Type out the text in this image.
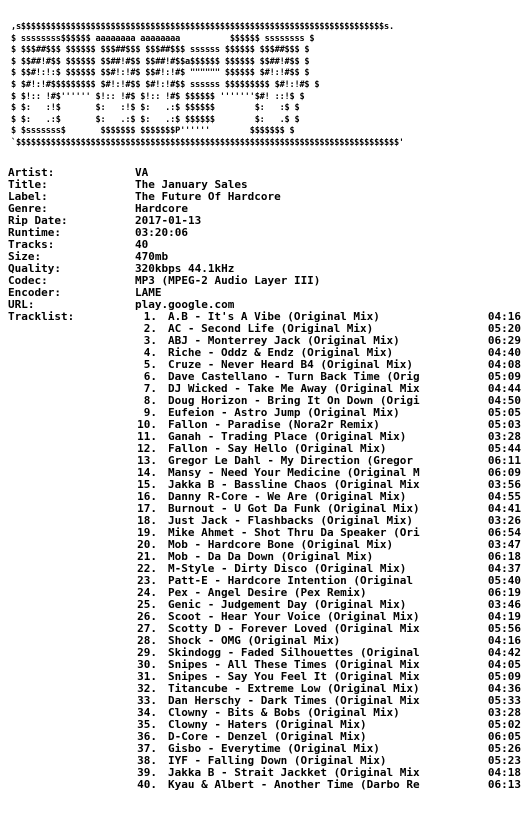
,s$$$$$$$$$$$$$$$$$$$$$$$$$$$$$$$$$$$$$$$$$$$$$$$$$$$$$$$$$$$$$$$$$$$$$$$$$s.
$ ssssssss$$$$$$ aaaaaaaa aaaaaaaa          $$$$$$ ssssssss $
$ $$$##$$$ $$$$$$ $$$##$$$ $$$##$$$ ssssss $$$$$$ $$$##$$$ $
$ $$##!#$$ $$$$$$ $$##!#$$ $$##!#$$a$$$$$$ $$$$$$ $$##!#$$ $
$ $$#!:!:$ $$$$$$ $$#!:!#$ $$#!:!#$ """""" $$$$$$ $#!:!#$$ $
$ $#!:!#$$$$$$$$$ $#!:!#$$ $#!:!#$$ ssssss $$$$$$$$$ $#!:!#$ $
$ $!:: !#$'''''' $!:: !#$ $!:: !#$ $$$$$$ '''''''$#! ::!$ $
$ $:   :!$       $:   :!$ $:   .:$ $$$$$$        $:   :$ $
$ $:   .:$       $:   .:$ $:   .:$ $$$$$$        $:   .$ $
$ $sssssss$       $$$$$$$ $$$$$$$P''''''        $$$$$$$ $
`$$$$$$$$$$$$$$$$$$$$$$$$$$$$$$$$$$$$$$$$$$$$$$$$$$$$$$$$$$$$$$$$$$$$$$$$$$$$$'
Artist:	VA
Title:	The January Sales
Label:	The Future Of Hardcore
Genre:	Hardcore
Rip Date:	2017-01-13
Runtime:	03:20:06
Tracks:	40
Size:	470mb
Quality:	320kbps 44.1kHz
Codec:	MP3 (MPEG-2 Audio Layer III)
Encoder:	LAME
URL:	play.google.com
Tracklist:	1. A.B - It's A Vibe (Original Mix)	04:16
2. AC - Second Life (Original Mix)	05:20
3. ABJ - Monterrey Jack (Original Mix)	06:29
4. Riche - Oddz & Endz (Original Mix)	04:40
5. Cruze - Never Heard B4 (Original Mix)	04:08
6. Dave Castellano - Turn Back Time (Orig	05:09
7. DJ Wicked - Take Me Away (Original Mix	04:44
8. Doug Horizon - Bring It On Down (Origi	04:50
9. Eufeion - Astro Jump (Original Mix)	05:05
10. Fallon - Paradise (Nora2r Remix)	05:03
11. Ganah - Trading Place (Original Mix)	03:28
12. Fallon - Say Hello (Original Mix)	05:44
13. Gregor Le Dahl - My Direction (Gregor	06:11
14. Mansy - Need Your Medicine (Original M	06:09
15. Jakka B - Bassline Chaos (Original Mix	03:56
16. Danny R-Core - We Are (Original Mix)	04:55
17. Burnout - U Got Da Funk (Original Mix)	04:41
18. Just Jack - Flashbacks (Original Mix)	03:26
19. Mike Ahmet - Shot Thru Da Speaker (Ori	06:54
20. Mob - Hardcore Bone (Original Mix)	03:47
21. Mob - Da Da Down (Original Mix)	06:18
22. M-Style - Dirty Disco (Original Mix)	04:37
23. Patt-E - Hardcore Intention (Original	05:40
24. Pex - Angel Desire (Pex Remix)	06:19
25. Genic - Judgement Day (Original Mix)	03:46
26. Scoot - Hear Your Voice (Original Mix)	04:19
27. Scotty D - Forever Loved (Original Mix	05:56
28. Shock - OMG (Original Mix)	04:16
29. Skindogg - Faded Silhouettes (Original	04:42
30. Snipes - All These Times (Original Mix	04:05
31. Snipes - Say You Feel It (Original Mix	05:09
32. Titancube - Extreme Low (Original Mix)	04:36
33. Dan Herschy - Dark Times (Original Mix	05:33
34. Clowny - Bits & Bobs (Original Mix)	03:28
35. Clowny - Haters (Original Mix)	05:02
36. D-Core - Denzel (Original Mix)	06:05
37. Gisbo - Everytime (Original Mix)	05:26
38. IYF - Falling Down (Original Mix)	05:23
39. Jakka B - Strait Jackket (Original Mix	04:18
40. Kyau & Albert - Another Time (Darbo Re	06:13
